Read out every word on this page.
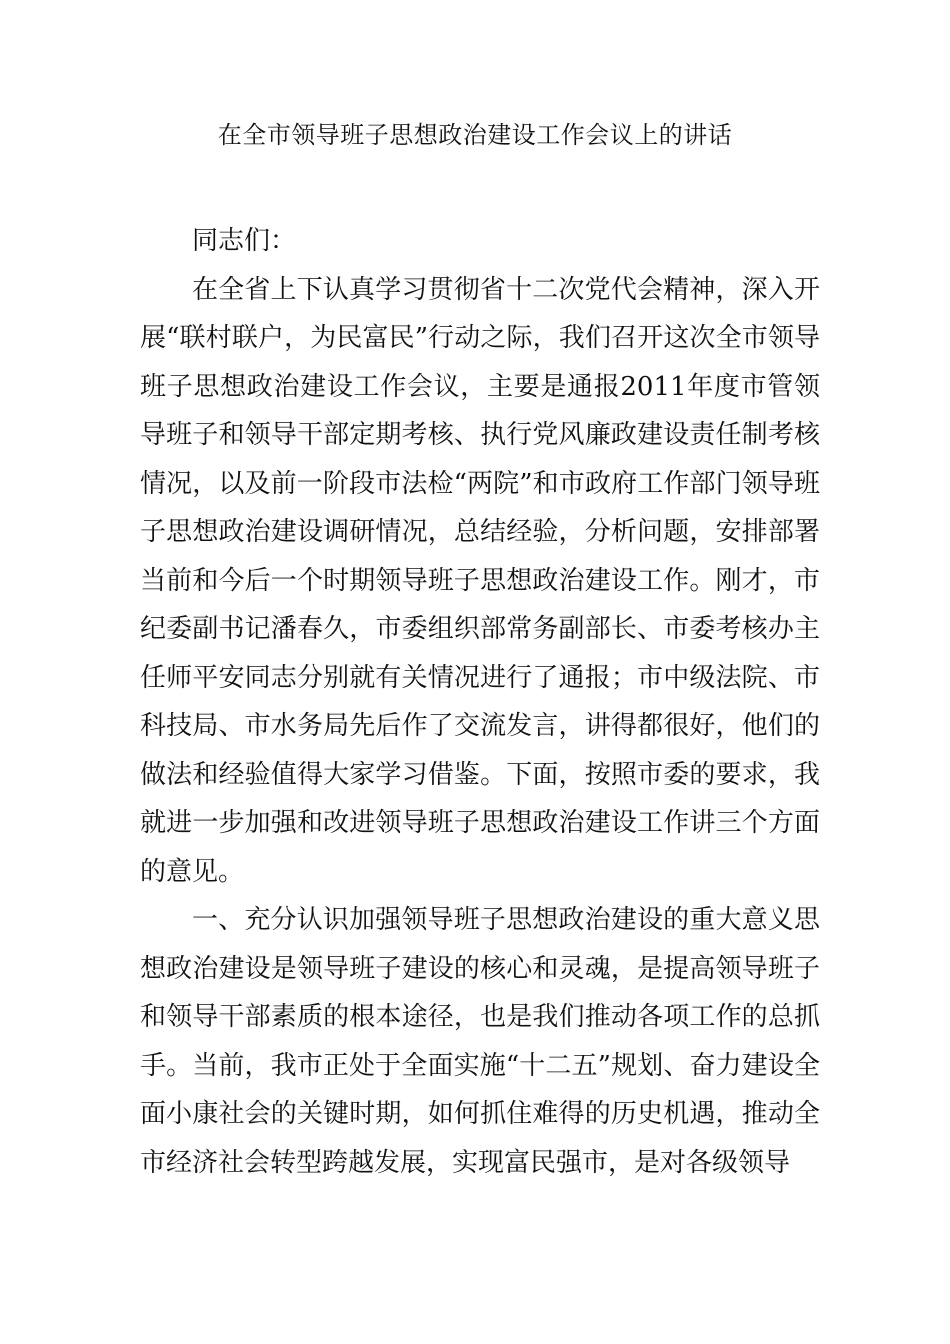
在全市领导班子思想政治建设工作会议上的讲话

同志们：

在全省上下认真学习贯彻省十二次党代会精神，深入开展“联村联户，为民富民”行动之际，我们召开这次全市领导班子思想政治建设工作会议，主要是通报2011年度市管领导班子和领导干部定期考核、执行党风廉政建设责任制考核情况，以及前一阶段市法检“两院”和市政府工作部门领导班子思想政治建设调研情况，总结经验，分析问题，安排部署当前和今后一个时期领导班子思想政治建设工作。刚才，市纪委副书记潘春久，市委组织部常务副部长、市委考核办主任师平安同志分别就有关情况进行了通报；市中级法院、市科技局、市水务局先后作了交流发言，讲得都很好，他们的做法和经验值得大家学习借鉴。下面，按照市委的要求，我就进一步加强和改进领导班子思想政治建设工作讲三个方面的意见。

一、充分认识加强领导班子思想政治建设的重大意义思想政治建设是领导班子建设的核心和灵魂，是提高领导班子和领导干部素质的根本途径，也是我们推动各项工作的总抓手。当前，我市正处于全面实施“十二五”规划、奋力建设全面小康社会的关键时期，如何抓住难得的历史机遇，推动全市经济社会转型跨越发展，实现富民强市，是对各级领导
